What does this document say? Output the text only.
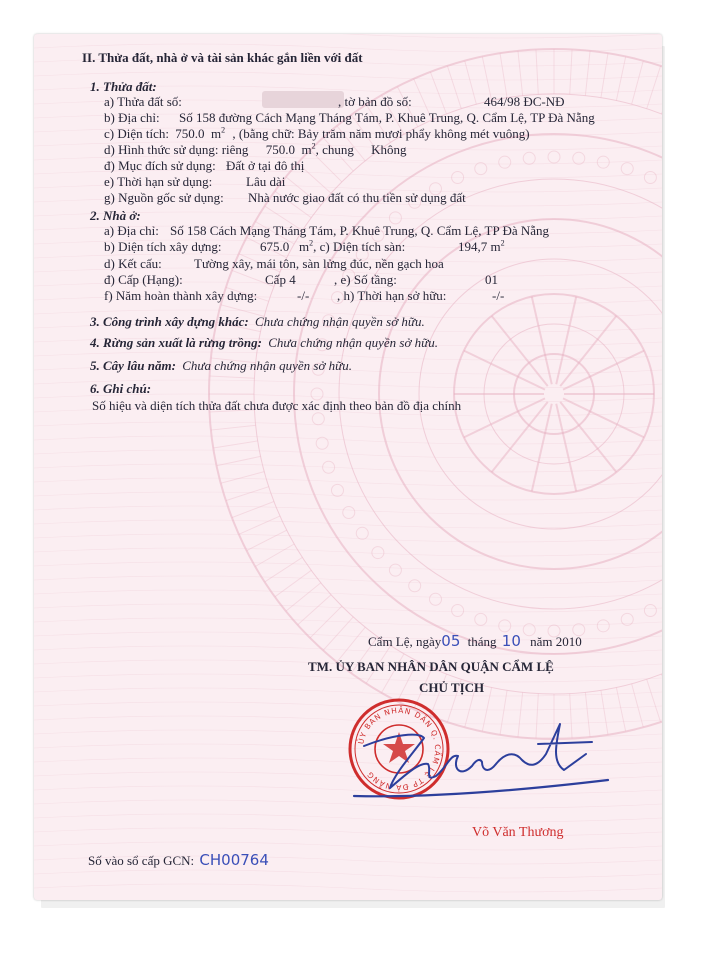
II. Thửa đất, nhà ở và tài sản khác gắn liền với đất
1. Thửa đất:
a) Thửa đất số:	, tờ bản đồ số:	464/98 ĐC-NĐ
b) Địa chỉ: Số 158 đường Cách Mạng Tháng Tám, P. Khuê Trung, Q. Cẩm Lệ, TP Đà Nẵng
c) Diện tích: 750.0 $m^2$ , (bằng chữ: Bảy trăm năm mươi phẩy không mét vuông)
d) Hình thức sử dụng: riêng 750.0 $m^2$, chung Không
đ) Mục đích sử dụng: Đất ở tại đô thị
e) Thời hạn sử dụng:	Lâu dài
g) Nguồn gốc sử dụng: Nhà nước giao đất có thu tiền sử dụng đất
2. Nhà ở:
a) Địa chỉ: Số 158 Cách Mạng Tháng Tám, P. Khuê Trung, Q. Cẩm Lệ, TP Đà Nẵng
b) Diện tích xây dựng:	675.0 $m^2$, c) Diện tích sàn:	194,7 $m^2$
d) Kết cấu: Tường xây, mái tôn, sàn lửng đúc, nền gạch hoa
đ) Cấp (Hạng):	Cấp 4	, e) Số tầng:	01
f) Năm hoàn thành xây dựng:	-/- , h) Thời hạn sở hữu:	-/-
3. Công trình xây dựng khác: Chưa chứng nhận quyền sở hữu.
4. Rừng sản xuất là rừng trồng: Chưa chứng nhận quyền sở hữu.
5. Cây lâu năm: Chưa chứng nhận quyền sở hữu.
6. Ghi chú:
Số hiệu và diện tích thửa đất chưa được xác định theo bản đồ địa chính
Cẩm Lệ, ngày05 tháng 10 năm 2010
TM. ỦY BAN NHÂN DÂN QUẬN CẨM LỆ
CHỦ TỊCH
ỦY BAN NHÂN DÂN Q. CẨM LỆ TP ĐÀ NẴNG
Võ Văn Thương
Số vào sổ cấp GCN: CH00764
